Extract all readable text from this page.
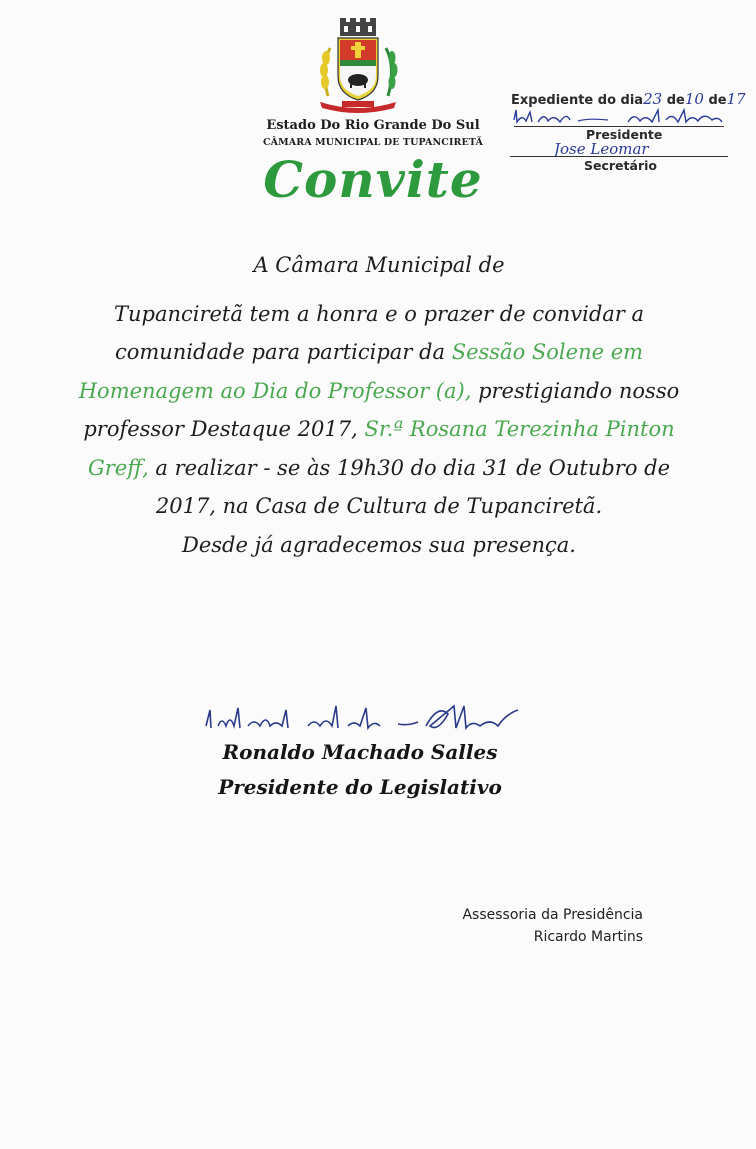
Estado Do Rio Grande Do Sul
CÂMARA MUNICIPAL DE TUPANCIRETÃ
Convite
Expediente do dia23 de10 de17
Presidente
Jose Leomar
Secretário
A Câmara Municipal de
Tupanciretã tem a honra e o prazer de convidar a comunidade para participar da Sessão Solene em Homenagem ao Dia do Professor (a), prestigiando nosso professor Destaque 2017, Sr.ª Rosana Terezinha Pinton Greff, a realizar - se às 19h30 do dia 31 de Outubro de 2017, na Casa de Cultura de Tupanciretã.
Desde já agradecemos sua presença.
Ronaldo Machado Salles
Presidente do Legislativo
Assessoria da Presidência
Ricardo Martins
